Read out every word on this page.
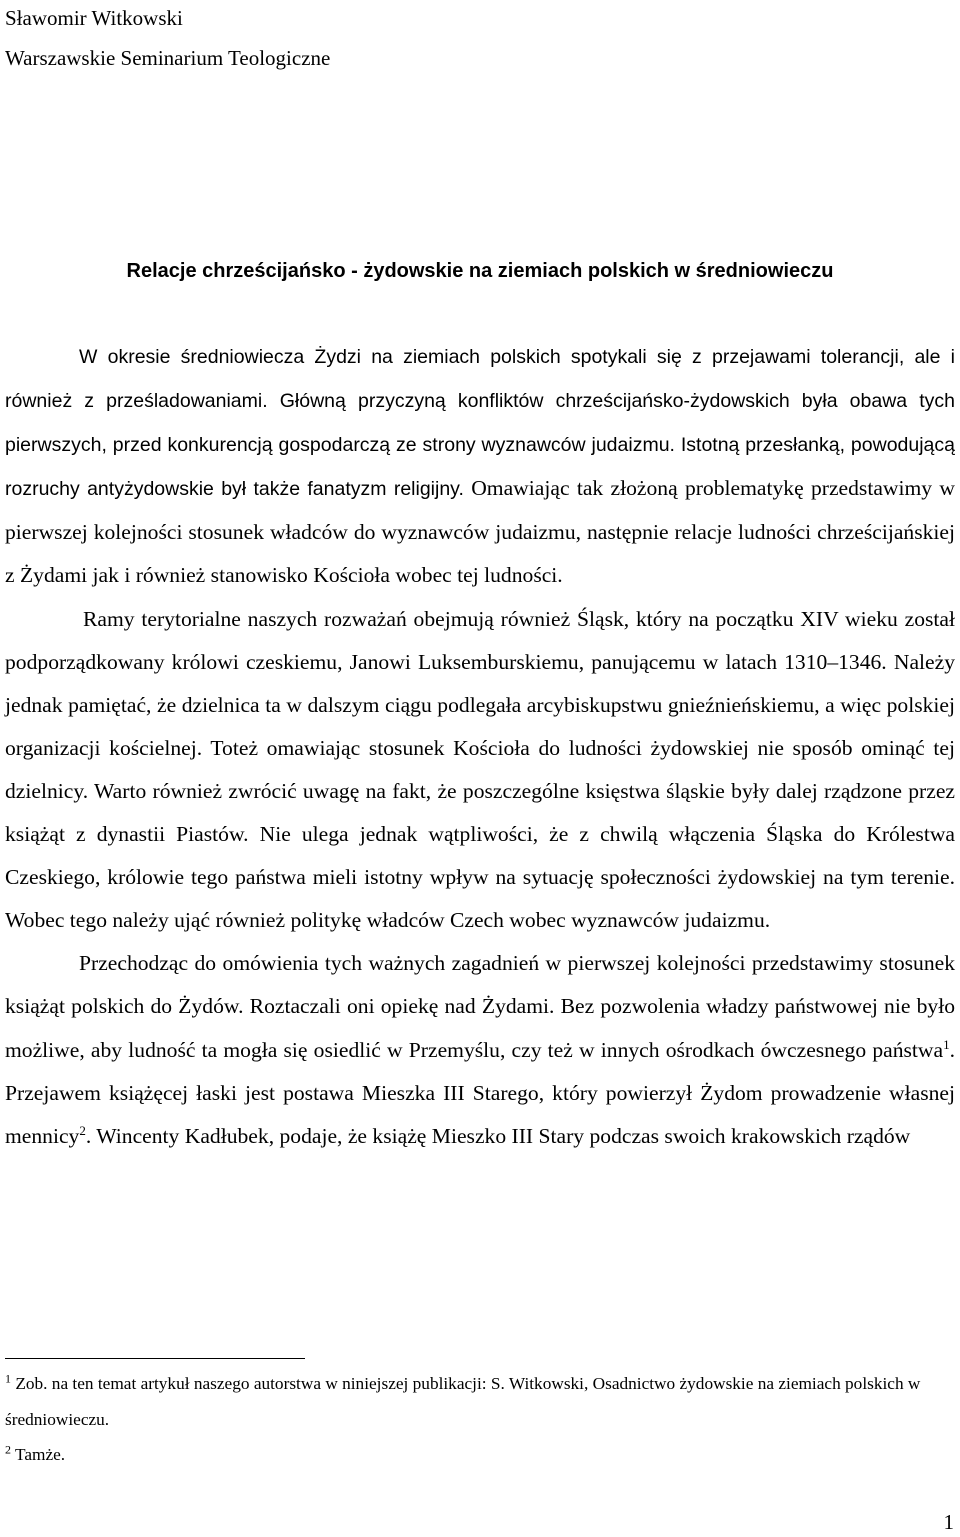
Sławomir Witkowski
Warszawskie Seminarium Teologiczne
Relacje chrześcijańsko - żydowskie na ziemiach polskich w średniowieczu

W okresie średniowiecza Żydzi na ziemiach polskich spotykali się z przejawami tolerancji, ale i również z prześladowaniami. Główną przyczyną konfliktów chrześcijańsko-żydowskich była obawa tych pierwszych, przed konkurencją gospodarczą ze strony wyznawców judaizmu. Istotną przesłanką, powodującą rozruchy antyżydowskie był także fanatyzm religijny. Omawiając tak złożoną problematykę przedstawimy w pierwszej kolejności stosunek władców do wyznawców judaizmu, następnie relacje ludności chrześcijańskiej z Żydami jak i również stanowisko Kościoła wobec tej ludności.

Ramy terytorialne naszych rozważań obejmują również Śląsk, który na początku XIV wieku został podporządkowany królowi czeskiemu, Janowi Luksemburskiemu, panującemu w latach 1310–1346. Należy jednak pamiętać, że dzielnica ta w dalszym ciągu podlegała arcybiskupstwu gnieźnieńskiemu, a więc polskiej organizacji kościelnej. Toteż omawiając stosunek Kościoła do ludności żydowskiej nie sposób ominąć tej dzielnicy. Warto również zwrócić uwagę na fakt, że poszczególne księstwa śląskie były dalej rządzone przez książąt z dynastii Piastów. Nie ulega jednak wątpliwości, że z chwilą włączenia Śląska do Królestwa Czeskiego, królowie tego państwa mieli istotny wpływ na sytuację społeczności żydowskiej na tym terenie. Wobec tego należy ująć również politykę władców Czech wobec wyznawców judaizmu.

Przechodząc do omówienia tych ważnych zagadnień w pierwszej kolejności przedstawimy stosunek książąt polskich do Żydów. Roztaczali oni opiekę nad Żydami. Bez pozwolenia władzy państwowej nie było możliwe, aby ludność ta mogła się osiedlić w Przemyślu, czy też w innych ośrodkach ówczesnego państwa$^1$. Przejawem książęcej łaski jest postawa Mieszka III Starego, który powierzył Żydom prowadzenie własnej mennicy$^2$. Wincenty Kadłubek, podaje, że książę Mieszko III Stary podczas swoich krakowskich rządów

$^1$ Zob. na ten temat artykuł naszego autorstwa w niniejszej publikacji: S. Witkowski, Osadnictwo żydowskie na ziemiach polskich w średniowieczu.

$^2$ Tamże.

1
